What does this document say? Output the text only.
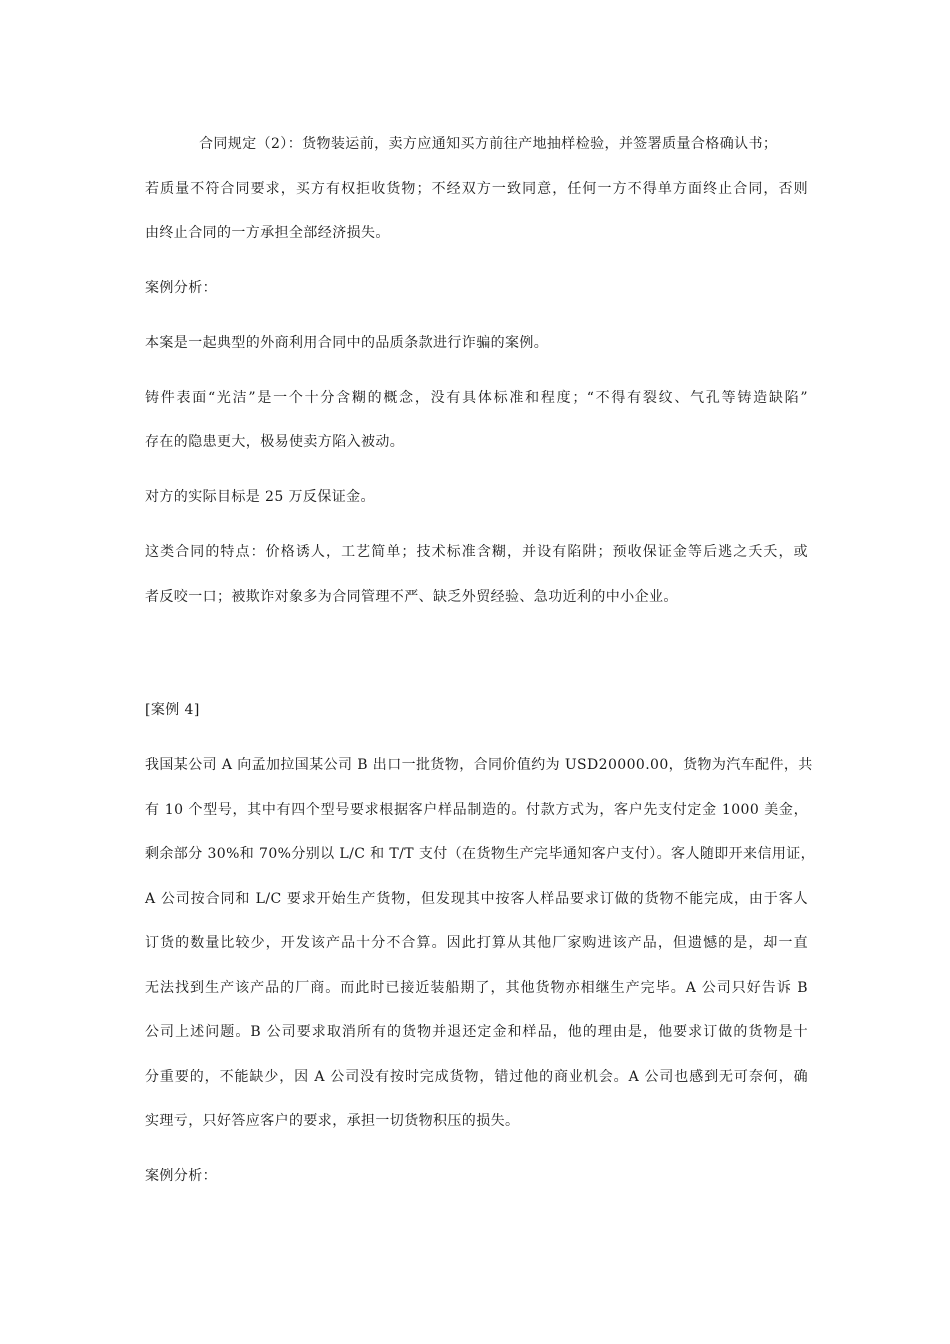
合同规定（2）：货物装运前，卖方应通知买方前往产地抽样检验，并签署质量合格确认书；
若质量不符合同要求，买方有权拒收货物；不经双方一致同意，任何一方不得单方面终止合同，否则
由终止合同的一方承担全部经济损失。
案例分析：
本案是一起典型的外商利用合同中的品质条款进行诈骗的案例。
铸件表面“光洁”是一个十分含糊的概念，没有具体标准和程度；“不得有裂纹、气孔等铸造缺陷”
存在的隐患更大，极易使卖方陷入被动。
对方的实际目标是 25 万反保证金。
这类合同的特点：价格诱人，工艺简单；技术标准含糊，并设有陷阱；预收保证金等后逃之夭夭，或
者反咬一口；被欺诈对象多为合同管理不严、缺乏外贸经验、急功近利的中小企业。
[案例 4]
我国某公司 A 向孟加拉国某公司 B 出口一批货物，合同价值约为 USD20000.00，货物为汽车配件，共
有 10 个型号，其中有四个型号要求根据客户样品制造的。付款方式为，客户先支付定金 1000 美金，
剩余部分 30%和 70%分别以 L/C 和 T/T 支付（在货物生产完毕通知客户支付）。客人随即开来信用证，
A 公司按合同和 L/C 要求开始生产货物，但发现其中按客人样品要求订做的货物不能完成，由于客人
订货的数量比较少，开发该产品十分不合算。因此打算从其他厂家购进该产品，但遗憾的是，却一直
无法找到生产该产品的厂商。而此时已接近装船期了，其他货物亦相继生产完毕。A 公司只好告诉 B
公司上述问题。B 公司要求取消所有的货物并退还定金和样品，他的理由是，他要求订做的货物是十
分重要的，不能缺少，因 A 公司没有按时完成货物，错过他的商业机会。A 公司也感到无可奈何，确
实理亏，只好答应客户的要求，承担一切货物积压的损失。
案例分析：
